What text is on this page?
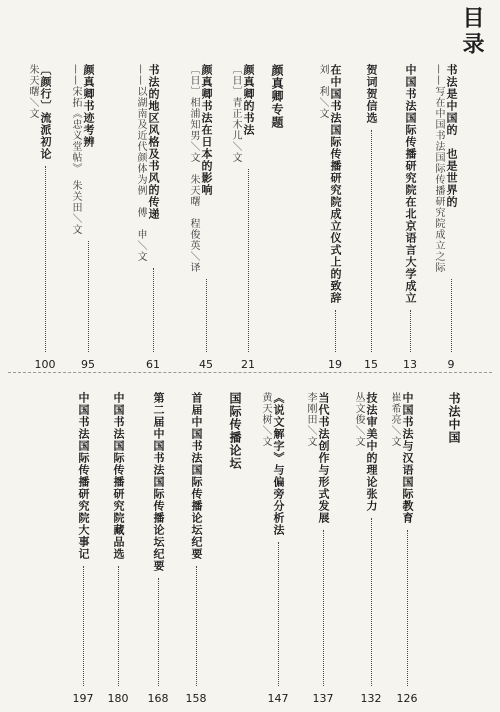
目录
书法是中国的　也是世界的
——写在中国书法国际传播研究院成立之际
9
中国书法国际传播研究院在北京语言大学成立
13
贺词贺信选
15
在中国书法国际传播研究院成立仪式上的致辞
刘　利＼文
19
颜真卿专题
颜真卿的书法
〔日〕青正木儿＼文
21
颜真卿书法在日本的影响
〔日〕相浦知男＼文　朱天曙　程俊英＼译
45
书法的地区风格及书风的传递
——以湖南及近代颜体为例　傅　申＼文
61
颜真卿书迹考辨
——宋拓《忠义堂帖》　朱关田＼文
95
〔颜行〕流派初论
朱天曙＼文
100
书法中国
中国书法与汉语国际教育
崔希亮＼文
126
技法审美中的理论张力
丛文俊＼文
132
当代书法创作与形式发展
李刚田＼文
137
《说文解字》与偏旁分析法
黄天树＼文
147
国际传播论坛
首届中国书法国际传播论坛纪要
158
第二届中国书法国际传播论坛纪要
168
中国书法国际传播研究院藏品选
180
中国书法国际传播研究院大事记
197
